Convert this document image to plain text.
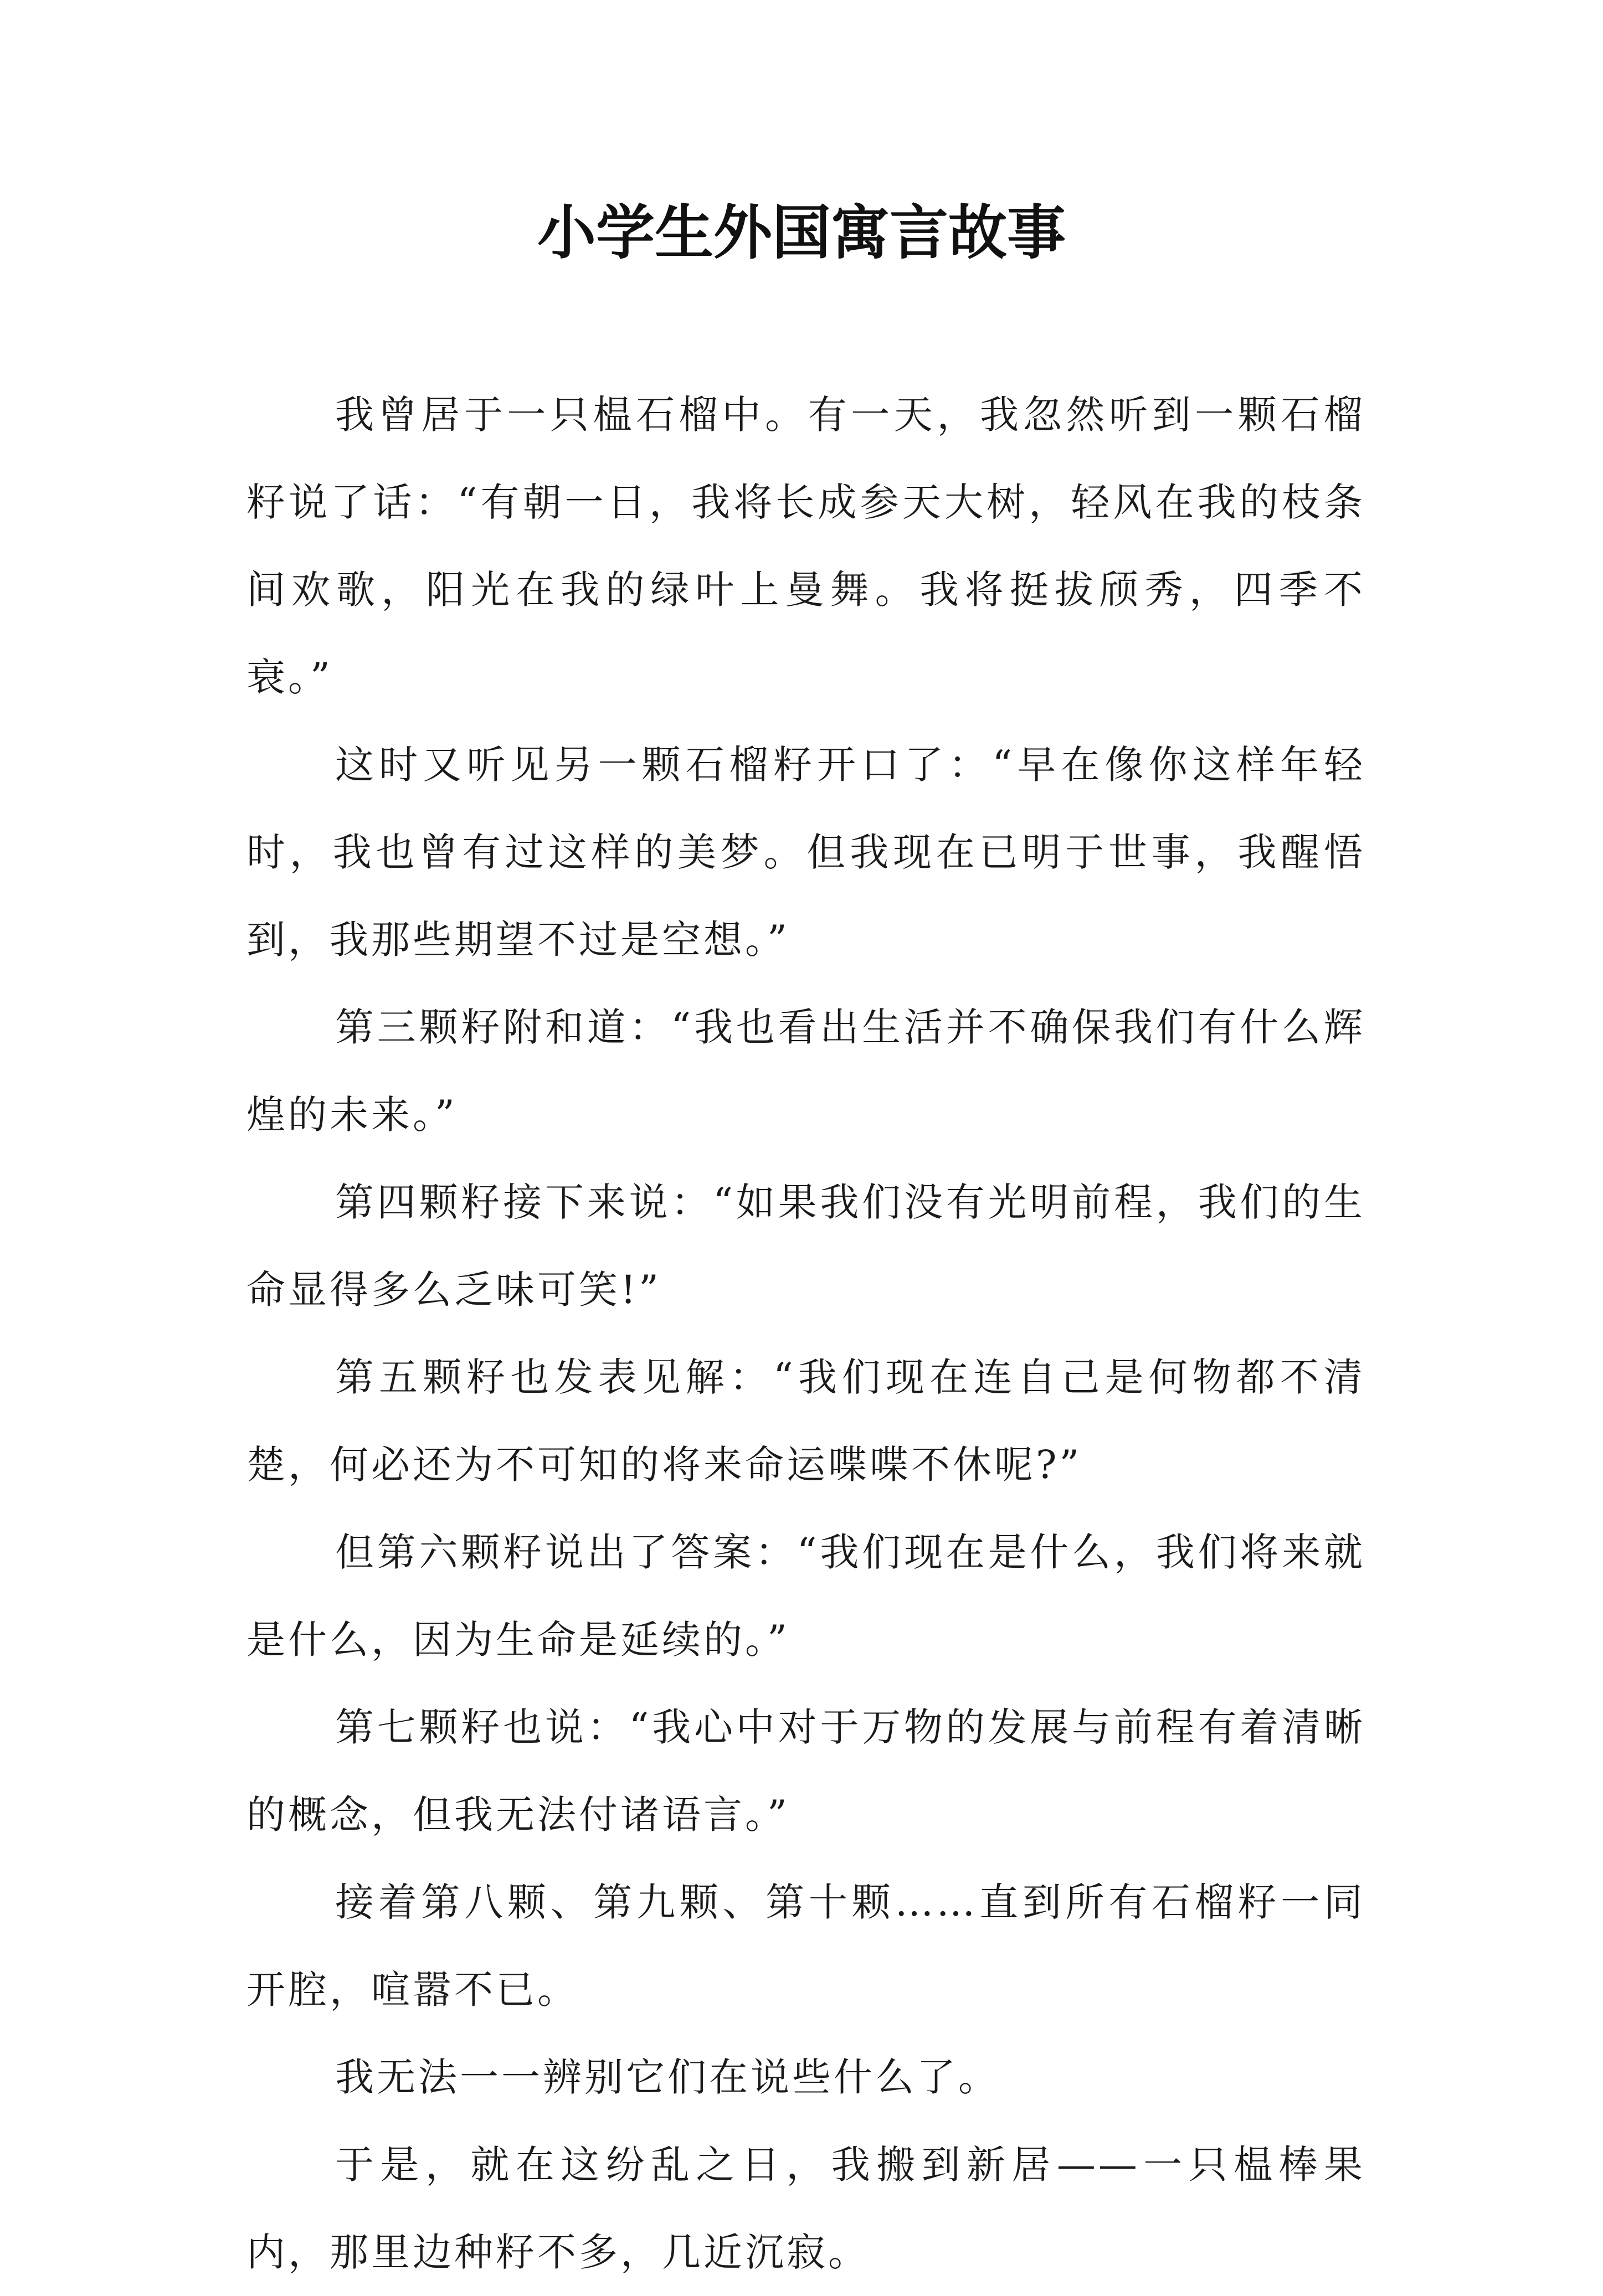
小学生外国寓言故事

我曾居于一只榅石榴中。有一天，我忽然听到一颗石榴籽说了话：“有朝一日，我将长成参天大树，轻风在我的枝条间欢歌，阳光在我的绿叶上曼舞。我将挺拔颀秀，四季不衰。”

这时又听见另一颗石榴籽开口了：“早在像你这样年轻时，我也曾有过这样的美梦。但我现在已明于世事，我醒悟到，我那些期望不过是空想。”

第三颗籽附和道：“我也看出生活并不确保我们有什么辉煌的未来。”

第四颗籽接下来说：“如果我们没有光明前程，我们的生命显得多么乏味可笑!”

第五颗籽也发表见解：“我们现在连自己是何物都不清楚，何必还为不可知的将来命运喋喋不休呢?”

但第六颗籽说出了答案：“我们现在是什么，我们将来就是什么，因为生命是延续的。”

第七颗籽也说：“我心中对于万物的发展与前程有着清晰的概念，但我无法付诸语言。”

接着第八颗、第九颗、第十颗……直到所有石榴籽一同开腔，喧嚣不已。

我无法一一辨别它们在说些什么了。

于是，就在这纷乱之日，我搬到新居——一只榅棒果内，那里边种籽不多，几近沉寂。
